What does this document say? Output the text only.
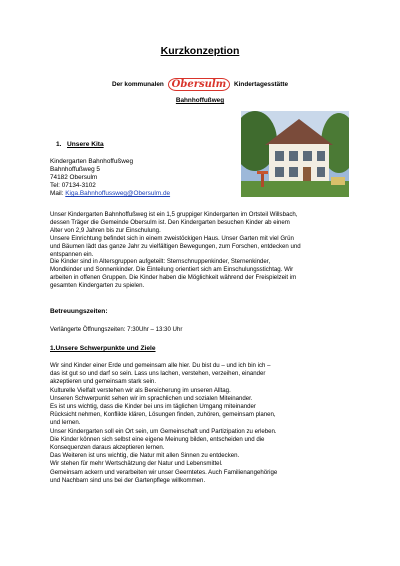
Kurzkonzeption
Der kommunalen Obersulm Kindertagesstätte
Bahnhoffußweg
1. Unsere Kita
Kindergarten Bahnhoffußweg
Bahnhoffußweg 5
74182 Obersulm
Tel: 07134-3102
Mail: Kiga.Bahnhoffussweg@Obersulm.de
Unser Kindergarten Bahnhoffußweg ist ein 1,5 gruppiger Kindergarten im Ortsteil Willsbach,
dessen Träger die Gemeinde Obersulm ist. Den Kindergarten besuchen Kinder ab einem
Alter von 2,9 Jahren bis zur Einschulung.
Unsere Einrichtung befindet sich in einem zweistöckigen Haus. Unser Garten mit viel Grün
und Bäumen lädt das ganze Jahr zu vielfältigen Bewegungen, zum Forschen, entdecken und
entspannen ein.
Die Kinder sind in Altersgruppen aufgeteilt: Sternschnuppenkinder, Sternenkinder,
Mondkinder und Sonnenkinder. Die Einteilung orientiert sich am Einschulungsstichtag. Wir
arbeiten in offenen Gruppen. Die Kinder haben die Möglichkeit während der Freispielzeit im
gesamten Kindergarten zu spielen.
Betreuungszeiten:
Verlängerte Öffnungszeiten: 7:30Uhr – 13:30 Uhr
1.Unsere Schwerpunkte und Ziele
Wir sind Kinder einer Erde und gemeinsam alle hier. Du bist du – und ich bin ich –
das ist gut so und darf so sein. Lass uns lachen, verstehen, verzeihen, einander
akzeptieren und gemeinsam stark sein.
Kulturelle Vielfalt verstehen wir als Bereicherung im unseren Alltag.
Unseren Schwerpunkt sehen wir im sprachlichen und sozialen Miteinander.
Es ist uns wichtig, dass die Kinder bei uns im täglichen Umgang miteinander
Rücksicht nehmen, Konflikte klären, Lösungen finden, zuhören, gemeinsam planen,
und lernen.
Unser Kindergarten soll ein Ort sein, um Gemeinschaft und Partizipation zu erleben.
Die Kinder können sich selbst eine eigene Meinung bilden, entscheiden und die
Konsequenzen daraus akzeptieren lernen.
Das Weiteren ist uns wichtig, die Natur mit allen Sinnen zu entdecken.
Wir stehen für mehr Wertschätzung der Natur und Lebensmittel.
Gemeinsam ackern und verarbeiten wir unser Geerntetes. Auch Familienangehörige
und Nachbarn sind uns bei der Gartenpflege willkommen.
